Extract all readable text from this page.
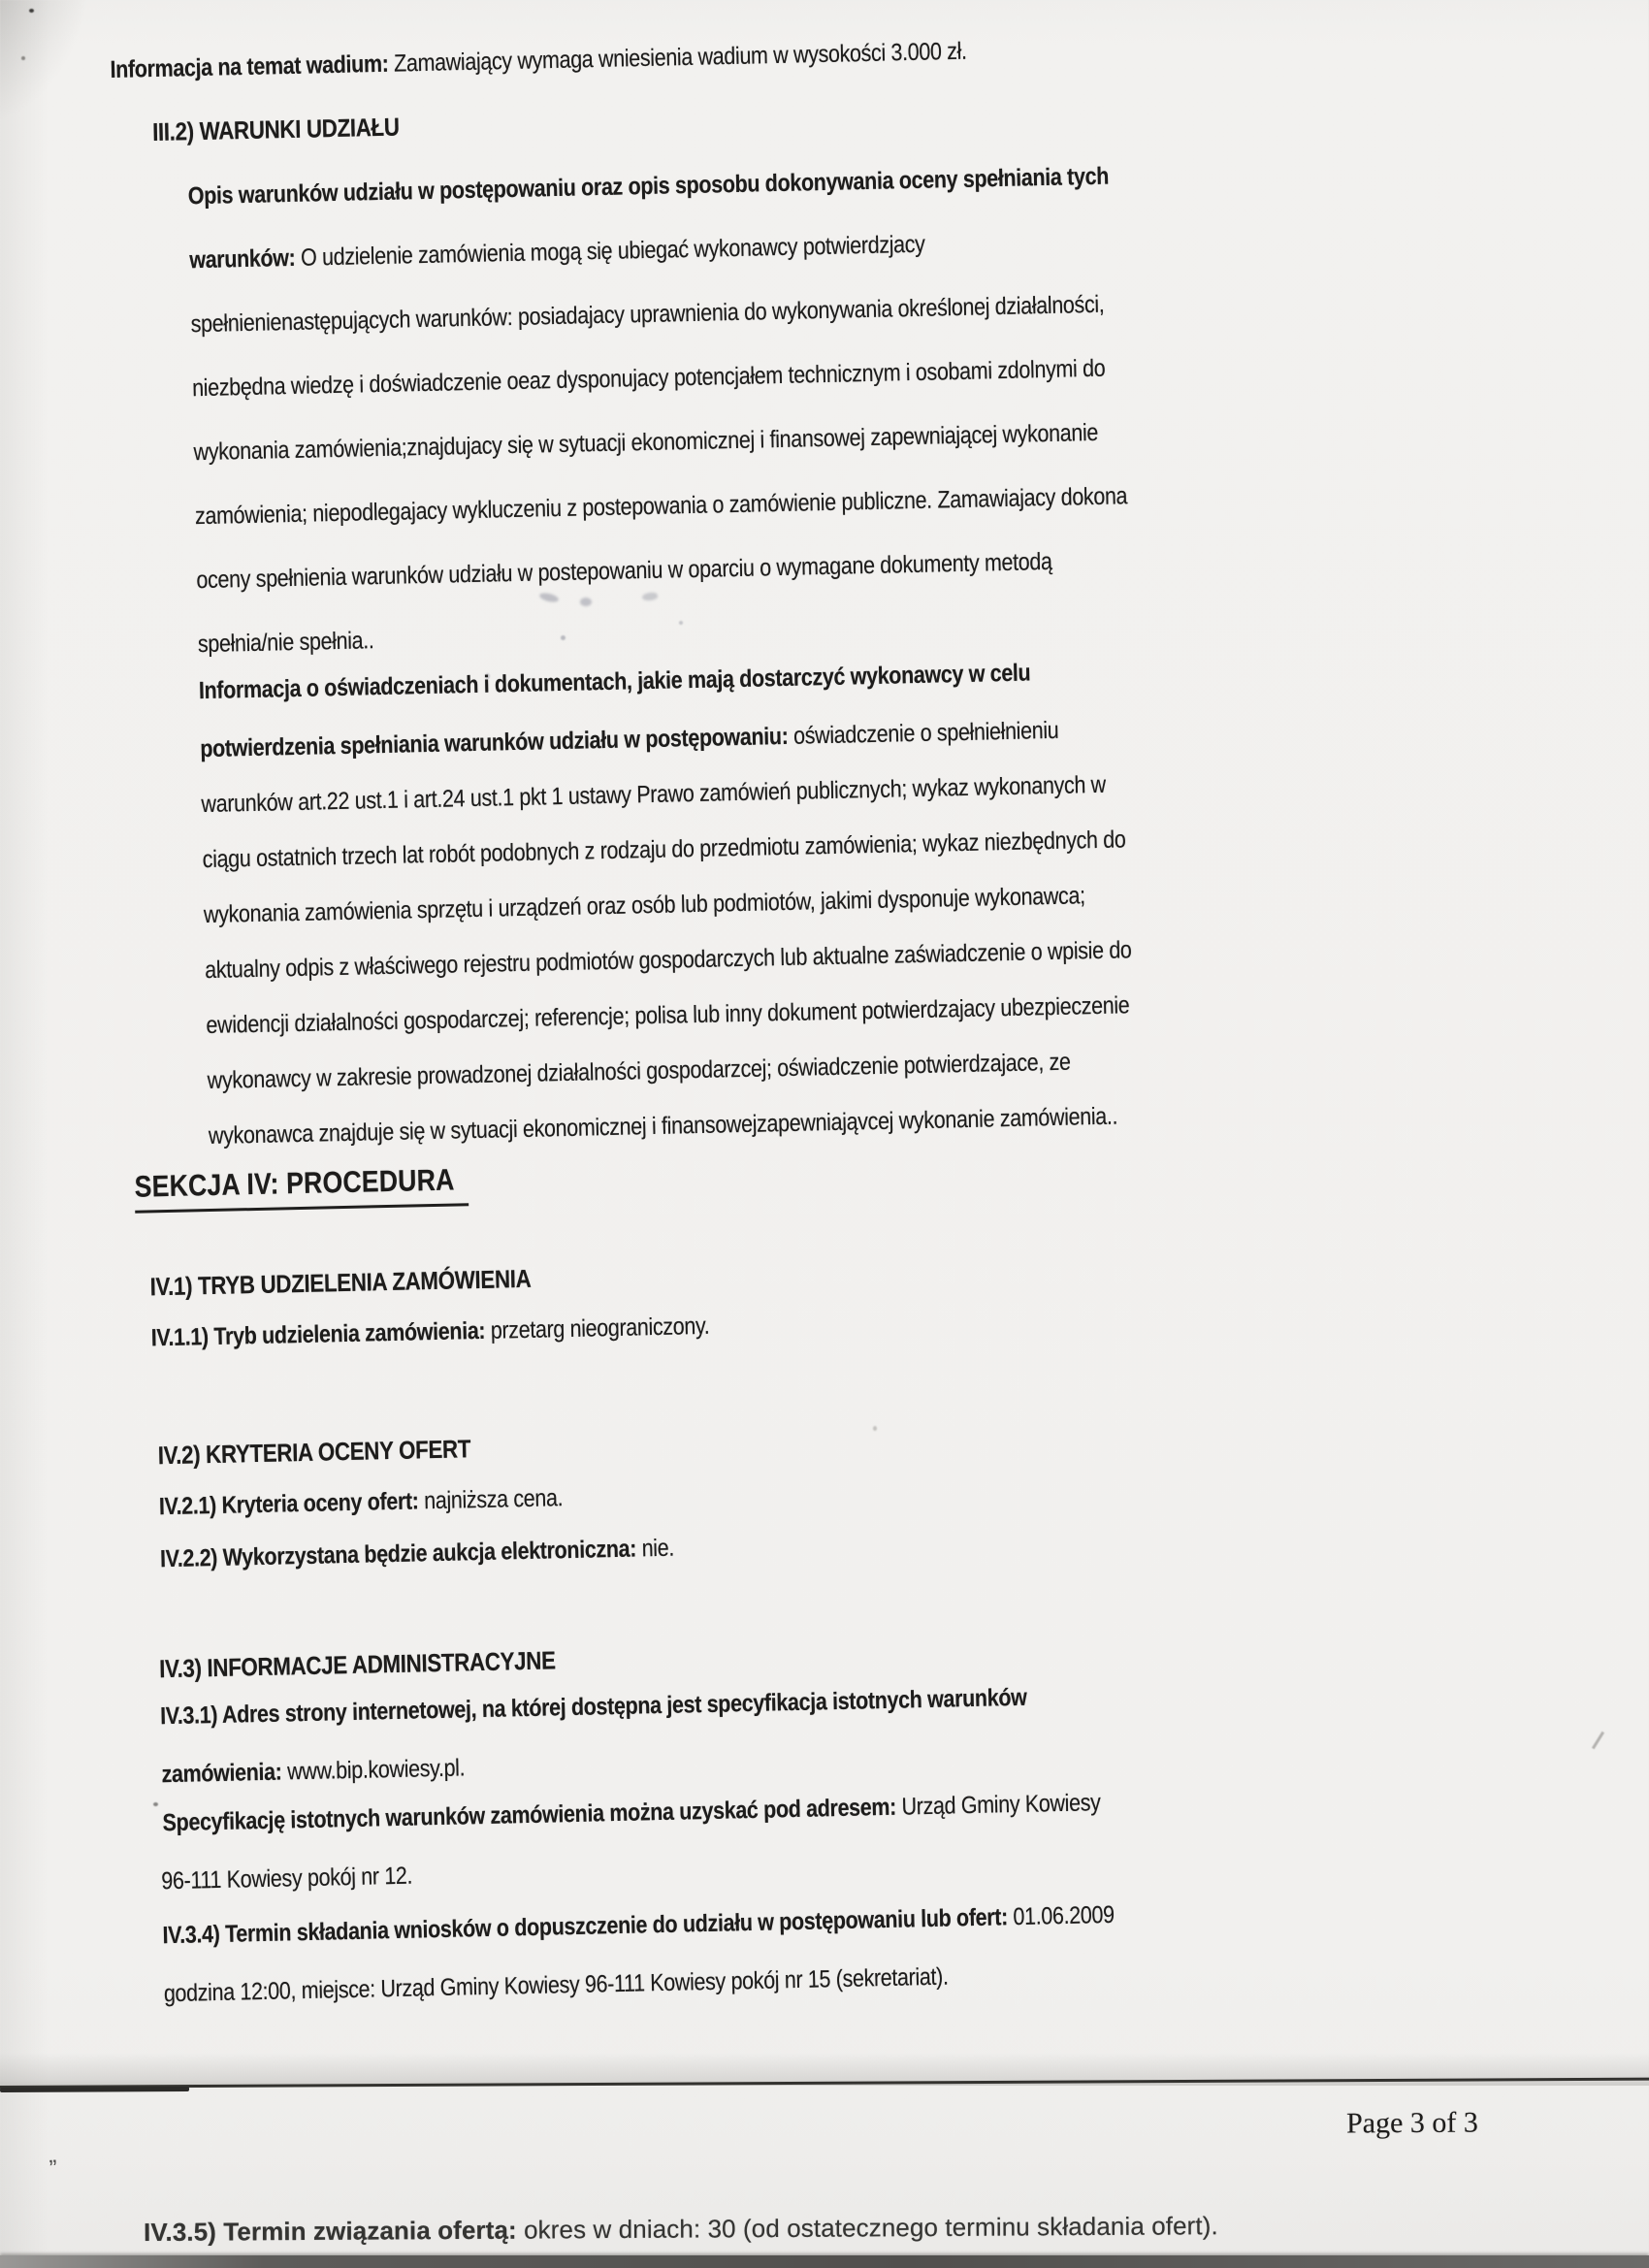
Informacja na temat wadium: Zamawiający wymaga wniesienia wadium w wysokości 3.000 zł.
III.2) WARUNKI UDZIAŁU
Opis warunków udziału w postępowaniu oraz opis sposobu dokonywania oceny spełniania tych
warunków: O udzielenie zamówienia mogą się ubiegać wykonawcy potwierdzjacy
spełnienienastępujących warunków: posiadajacy uprawnienia do wykonywania określonej działalności,
niezbędna wiedzę i doświadczenie oeaz dysponujacy potencjałem technicznym i osobami zdolnymi do
wykonania zamówienia;znajdujacy się w sytuacji ekonomicznej i finansowej zapewniającej wykonanie
zamówienia; niepodlegajacy wykluczeniu z postepowania o zamówienie publiczne. Zamawiajacy dokona
oceny spełnienia warunków udziału w postepowaniu w oparciu o wymagane dokumenty metodą
spełnia/nie spełnia..
Informacja o oświadczeniach i dokumentach, jakie mają dostarczyć wykonawcy w celu
potwierdzenia spełniania warunków udziału w postępowaniu: oświadczenie o spełniełnieniu
warunków art.22 ust.1 i art.24 ust.1 pkt 1 ustawy Prawo zamówień publicznych; wykaz wykonanych w
ciągu ostatnich trzech lat robót podobnych z rodzaju do przedmiotu zamówienia; wykaz niezbędnych do
wykonania zamówienia sprzętu i urządzeń oraz osób lub podmiotów, jakimi dysponuje wykonawca;
aktualny odpis z właściwego rejestru podmiotów gospodarczych lub aktualne zaświadczenie o wpisie do
ewidencji działalności gospodarczej; referencje; polisa lub inny dokument potwierdzajacy ubezpieczenie
wykonawcy w zakresie prowadzonej działalności gospodarzcej; oświadczenie potwierdzajace, ze
wykonawca znajduje się w sytuacji ekonomicznej i finansowejzapewniająvcej wykonanie zamówienia..
SEKCJA IV: PROCEDURA
IV.1) TRYB UDZIELENIA ZAMÓWIENIA
IV.1.1) Tryb udzielenia zamówienia: przetarg nieograniczony.
IV.2) KRYTERIA OCENY OFERT
IV.2.1) Kryteria oceny ofert: najniższa cena.
IV.2.2) Wykorzystana będzie aukcja elektroniczna: nie.
IV.3) INFORMACJE ADMINISTRACYJNE
IV.3.1) Adres strony internetowej, na której dostępna jest specyfikacja istotnych warunków
zamówienia: www.bip.kowiesy.pl.
Specyfikację istotnych warunków zamówienia można uzyskać pod adresem: Urząd Gminy Kowiesy
96-111 Kowiesy pokój nr 12.
IV.3.4) Termin składania wniosków o dopuszczenie do udziału w postępowaniu lub ofert: 01.06.2009
godzina 12:00, miejsce: Urząd Gminy Kowiesy 96-111 Kowiesy pokój nr 15 (sekretariat).
Page 3 of 3
„
IV.3.5) Termin związania ofertą: okres w dniach: 30 (od ostatecznego terminu składania ofert).
